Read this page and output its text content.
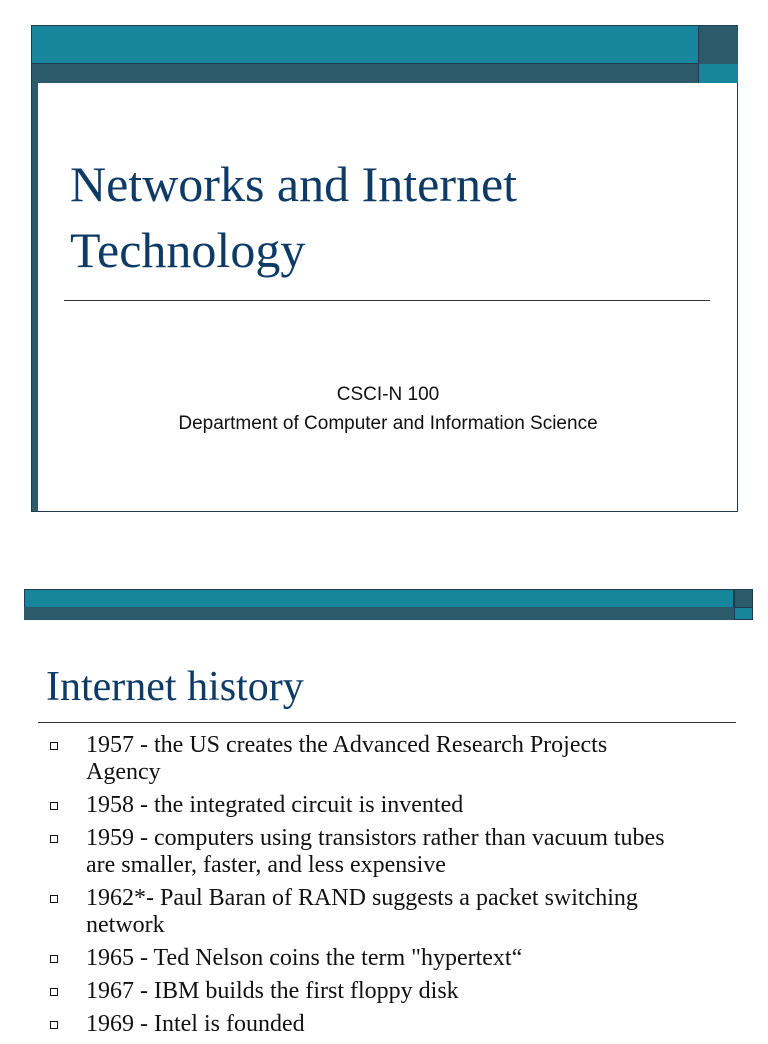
Networks and Internet
Technology
CSCI-N 100
Department of Computer and Information Science
Internet history
1957 - the US creates the Advanced Research Projects
Agency
1958 - the integrated circuit is invented
1959 - computers using transistors rather than vacuum tubes
are smaller, faster, and less expensive
1962*- Paul Baran of RAND suggests a packet switching
network
1965 - Ted Nelson coins the term "hypertext“
1967 - IBM builds the first floppy disk
1969 - Intel is founded
